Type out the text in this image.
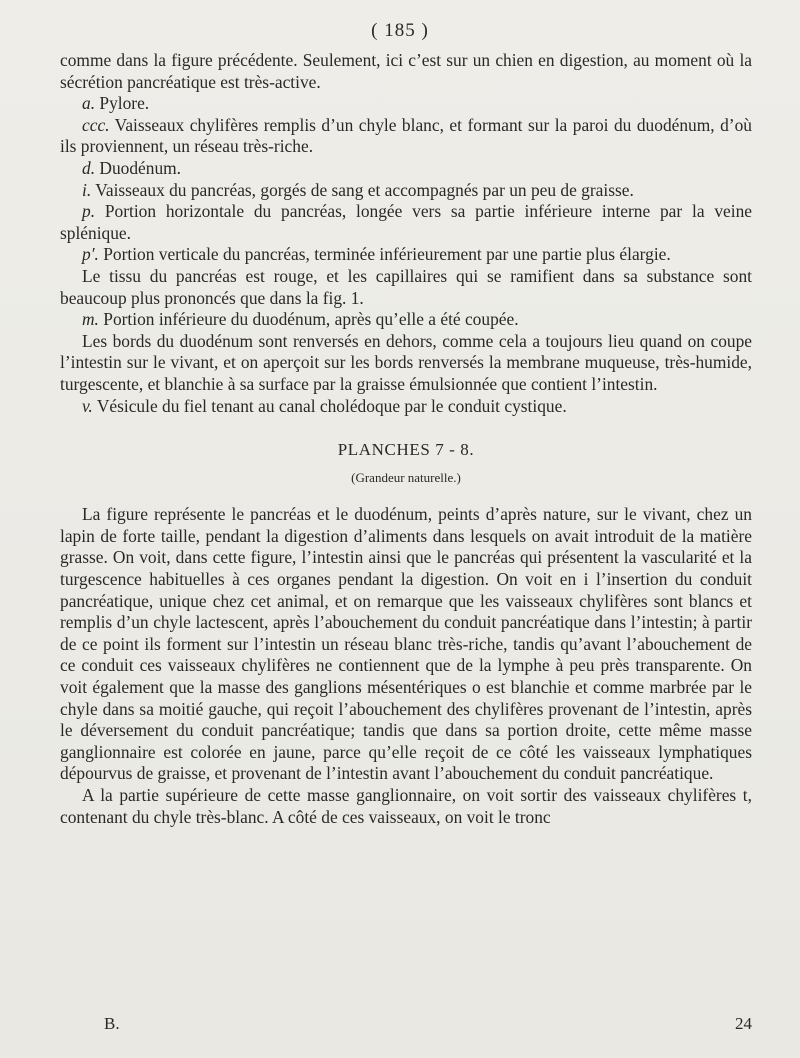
( 185 )

comme dans la figure précédente. Seulement, ici c’est sur un chien en digestion, au moment où la sécrétion pancréatique est très-active.

a. Pylore.

ccc. Vaisseaux chylifères remplis d’un chyle blanc, et formant sur la paroi du duodénum, d’où ils proviennent, un réseau très-riche.

d. Duodénum.

i. Vaisseaux du pancréas, gorgés de sang et accompagnés par un peu de graisse.

p. Portion horizontale du pancréas, longée vers sa partie inférieure interne par la veine splénique.

p′. Portion verticale du pancréas, terminée inférieurement par une partie plus élargie.

Le tissu du pancréas est rouge, et les capillaires qui se ramifient dans sa substance sont beaucoup plus prononcés que dans la fig. 1.

m. Portion inférieure du duodénum, après qu’elle a été coupée.

Les bords du duodénum sont renversés en dehors, comme cela a toujours lieu quand on coupe l’intestin sur le vivant, et on aperçoit sur les bords renversés la membrane muqueuse, très-humide, turgescente, et blanchie à sa surface par la graisse émulsionnée que contient l’intestin.

v. Vésicule du fiel tenant au canal cholédoque par le conduit cystique.

PLANCHES 7 - 8.
(Grandeur naturelle.)

La figure représente le pancréas et le duodénum, peints d’après nature, sur le vivant, chez un lapin de forte taille, pendant la digestion d’aliments dans lesquels on avait introduit de la matière grasse. On voit, dans cette figure, l’intestin ainsi que le pancréas qui présentent la vascularité et la turgescence habituelles à ces organes pendant la digestion. On voit en i l’insertion du conduit pancréatique, unique chez cet animal, et on remarque que les vaisseaux chylifères sont blancs et remplis d’un chyle lactescent, après l’abouchement du conduit pancréatique dans l’intestin; à partir de ce point ils forment sur l’intestin un réseau blanc très-riche, tandis qu’avant l’abouchement de ce conduit ces vaisseaux chylifères ne contiennent que de la lymphe à peu près transparente. On voit également que la masse des ganglions mésentériques o est blanchie et comme marbrée par le chyle dans sa moitié gauche, qui reçoit l’abouchement des chylifères provenant de l’intestin, après le déversement du conduit pancréatique; tandis que dans sa portion droite, cette même masse ganglionnaire est colorée en jaune, parce qu’elle reçoit de ce côté les vaisseaux lymphatiques dépourvus de graisse, et provenant de l’intestin avant l’abouchement du conduit pancréatique.

A la partie supérieure de cette masse ganglionnaire, on voit sortir des vaisseaux chylifères t, contenant du chyle très-blanc. A côté de ces vaisseaux, on voit le tronc

B.	24
